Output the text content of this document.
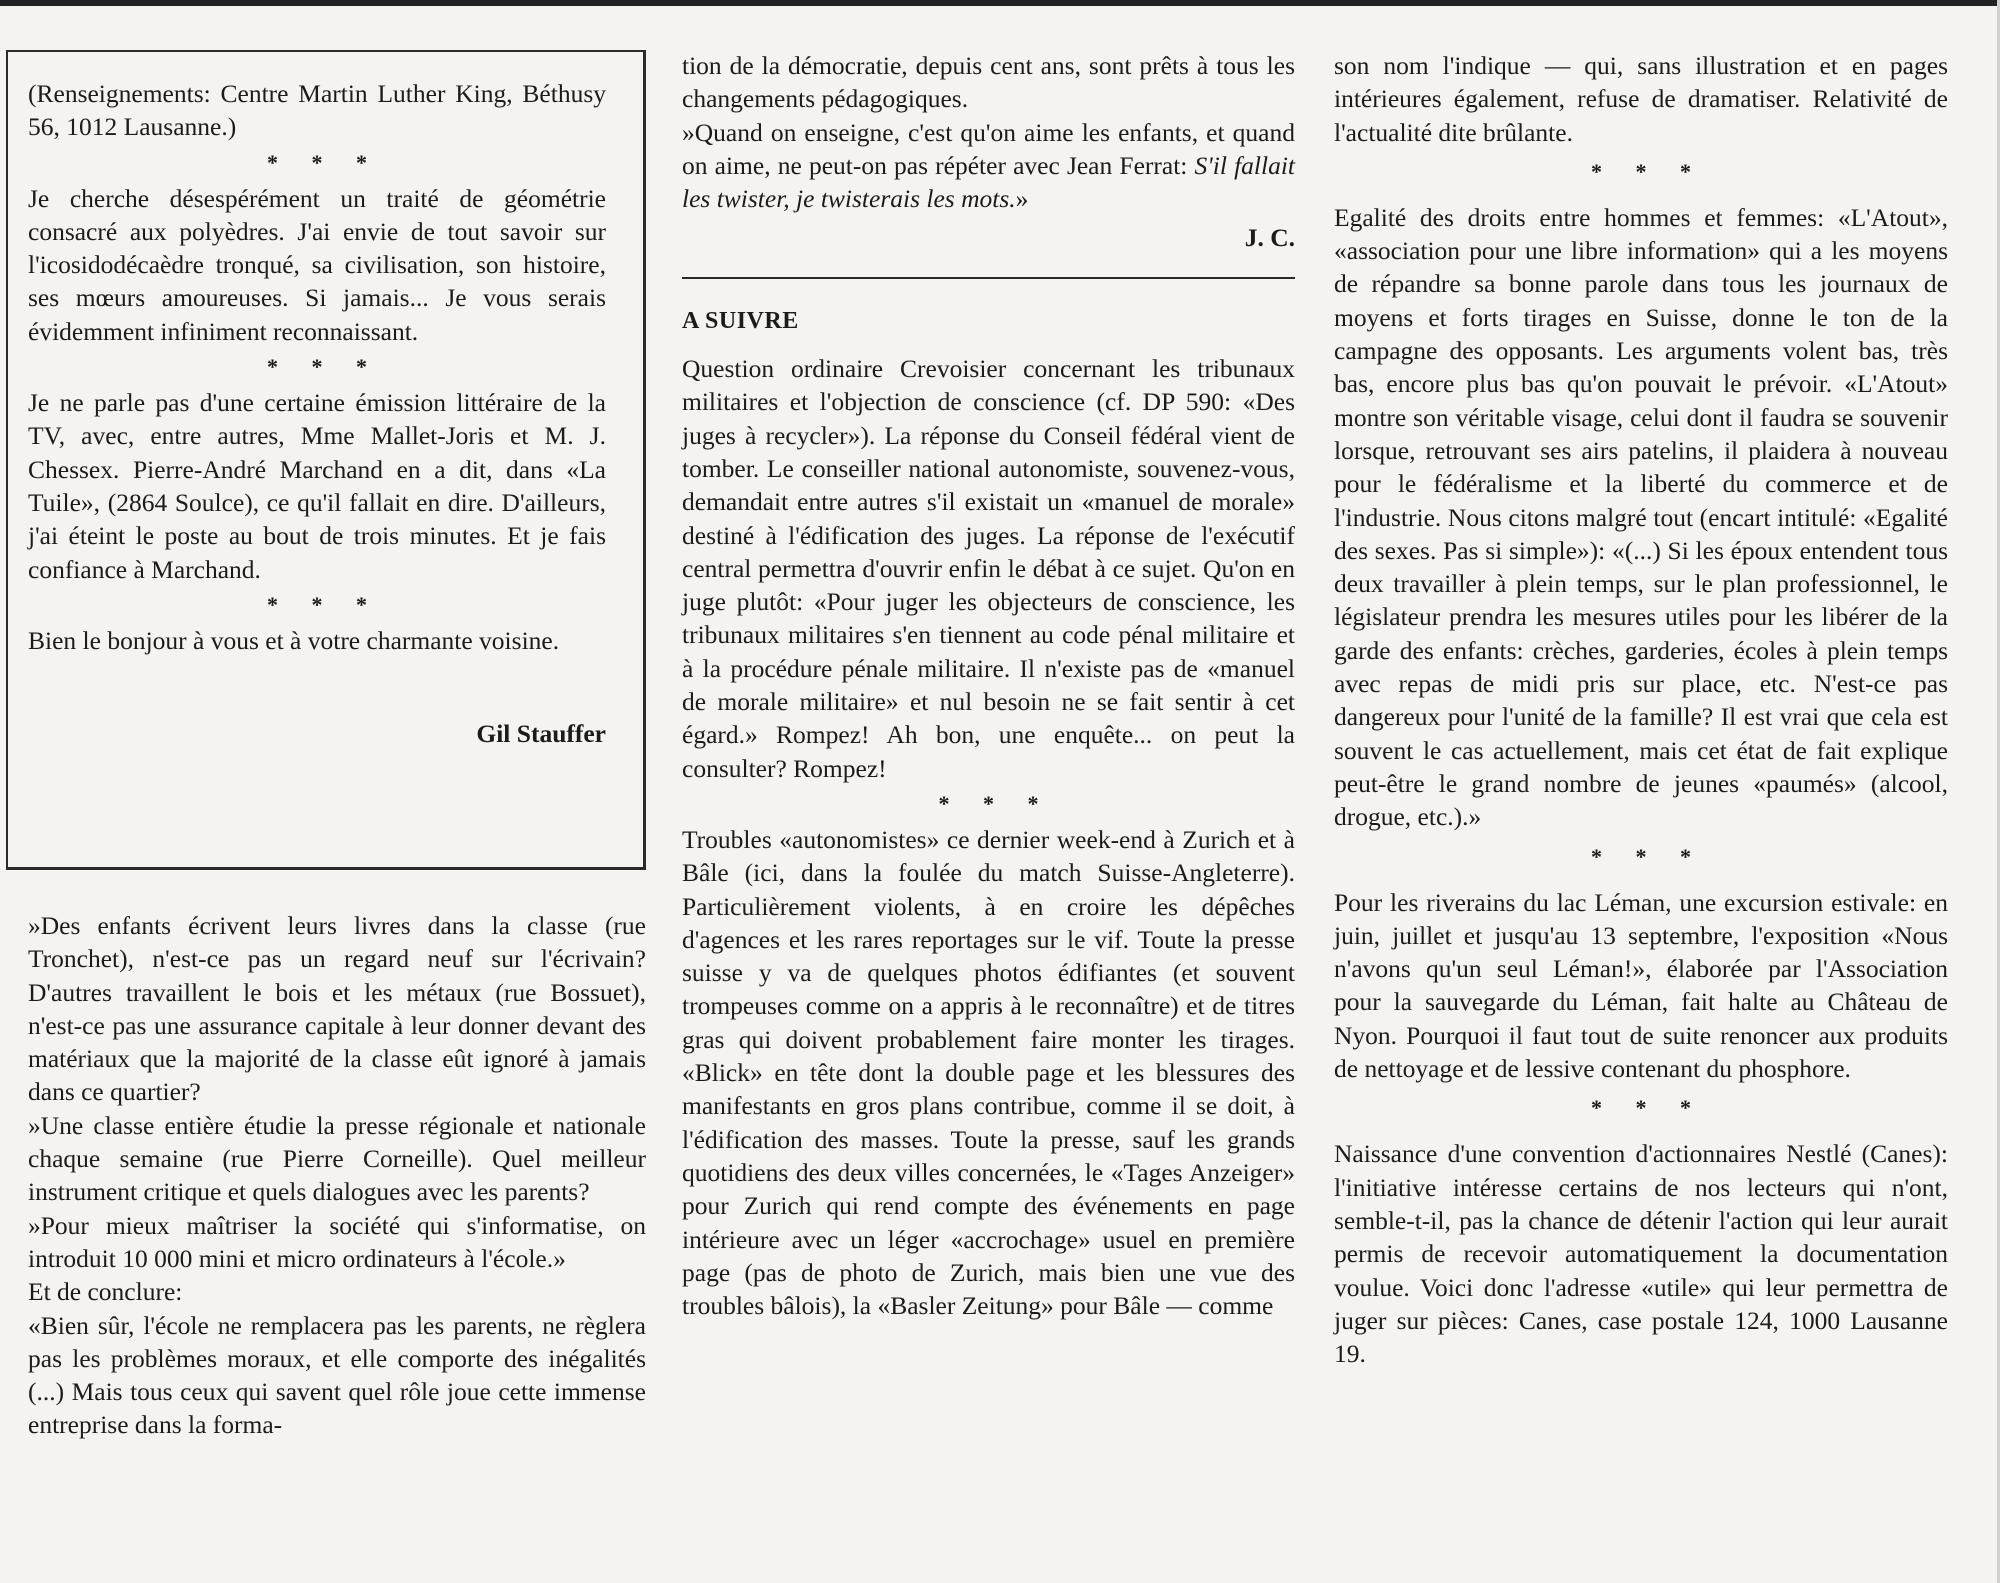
(Renseignements: Centre Martin Luther King, Béthusy 56, 1012 Lausanne.)

* * *

Je cherche désespérément un traité de géométrie consacré aux polyèdres. J'ai envie de tout savoir sur l'icosidodécaèdre tronqué, sa civilisation, son histoire, ses mœurs amoureuses. Si jamais... Je vous serais évidemment infiniment reconnaissant.

* * *

Je ne parle pas d'une certaine émission littéraire de la TV, avec, entre autres, Mme Mallet-Joris et M. J. Chessex. Pierre-André Marchand en a dit, dans «La Tuile», (2864 Soulce), ce qu'il fallait en dire. D'ailleurs, j'ai éteint le poste au bout de trois minutes. Et je fais confiance à Marchand.

* * *

Bien le bonjour à vous et à votre charmante voisine.

Gil Stauffer

»Des enfants écrivent leurs livres dans la classe (rue Tronchet), n'est-ce pas un regard neuf sur l'écrivain? D'autres travaillent le bois et les métaux (rue Bossuet), n'est-ce pas une assurance capitale à leur donner devant des matériaux que la majorité de la classe eût ignoré à jamais dans ce quartier?

»Une classe entière étudie la presse régionale et nationale chaque semaine (rue Pierre Corneille). Quel meilleur instrument critique et quels dialogues avec les parents?

»Pour mieux maîtriser la société qui s'informatise, on introduit 10 000 mini et micro ordinateurs à l'école.»

Et de conclure:

«Bien sûr, l'école ne remplacera pas les parents, ne règlera pas les problèmes moraux, et elle comporte des inégalités (...) Mais tous ceux qui savent quel rôle joue cette immense entreprise dans la forma-

tion de la démocratie, depuis cent ans, sont prêts à tous les changements pédagogiques.

»Quand on enseigne, c'est qu'on aime les enfants, et quand on aime, ne peut-on pas répéter avec Jean Ferrat: S'il fallait les twister, je twisterais les mots.»

J. C.

A SUIVRE

Question ordinaire Crevoisier concernant les tribunaux militaires et l'objection de conscience (cf. DP 590: «Des juges à recycler»). La réponse du Conseil fédéral vient de tomber. Le conseiller national autonomiste, souvenez-vous, demandait entre autres s'il existait un «manuel de morale» destiné à l'édification des juges. La réponse de l'exécutif central permettra d'ouvrir enfin le débat à ce sujet. Qu'on en juge plutôt: «Pour juger les objecteurs de conscience, les tribunaux militaires s'en tiennent au code pénal militaire et à la procédure pénale militaire. Il n'existe pas de «manuel de morale militaire» et nul besoin ne se fait sentir à cet égard.» Rompez! Ah bon, une enquête... on peut la consulter? Rompez!

* * *

Troubles «autonomistes» ce dernier week-end à Zurich et à Bâle (ici, dans la foulée du match Suisse-Angleterre). Particulièrement violents, à en croire les dépêches d'agences et les rares reportages sur le vif. Toute la presse suisse y va de quelques photos édifiantes (et souvent trompeuses comme on a appris à le reconnaître) et de titres gras qui doivent probablement faire monter les tirages. «Blick» en tête dont la double page et les blessures des manifestants en gros plans contribue, comme il se doit, à l'édification des masses. Toute la presse, sauf les grands quotidiens des deux villes concernées, le «Tages Anzeiger» pour Zurich qui rend compte des événements en page intérieure avec un léger «accrochage» usuel en première page (pas de photo de Zurich, mais bien une vue des troubles bâlois), la «Basler Zeitung» pour Bâle — comme

son nom l'indique — qui, sans illustration et en pages intérieures également, refuse de dramatiser. Relativité de l'actualité dite brûlante.

* * *

Egalité des droits entre hommes et femmes: «L'Atout», «association pour une libre information» qui a les moyens de répandre sa bonne parole dans tous les journaux de moyens et forts tirages en Suisse, donne le ton de la campagne des opposants. Les arguments volent bas, très bas, encore plus bas qu'on pouvait le prévoir. «L'Atout» montre son véritable visage, celui dont il faudra se souvenir lorsque, retrouvant ses airs patelins, il plaidera à nouveau pour le fédéralisme et la liberté du commerce et de l'industrie. Nous citons malgré tout (encart intitulé: «Egalité des sexes. Pas si simple»): «(...) Si les époux entendent tous deux travailler à plein temps, sur le plan professionnel, le législateur prendra les mesures utiles pour les libérer de la garde des enfants: crèches, garderies, écoles à plein temps avec repas de midi pris sur place, etc. N'est-ce pas dangereux pour l'unité de la famille? Il est vrai que cela est souvent le cas actuellement, mais cet état de fait explique peut-être le grand nombre de jeunes «paumés» (alcool, drogue, etc.).»

* * *

Pour les riverains du lac Léman, une excursion estivale: en juin, juillet et jusqu'au 13 septembre, l'exposition «Nous n'avons qu'un seul Léman!», élaborée par l'Association pour la sauvegarde du Léman, fait halte au Château de Nyon. Pourquoi il faut tout de suite renoncer aux produits de nettoyage et de lessive contenant du phosphore.

* * *

Naissance d'une convention d'actionnaires Nestlé (Canes): l'initiative intéresse certains de nos lecteurs qui n'ont, semble-t-il, pas la chance de détenir l'action qui leur aurait permis de recevoir automatiquement la documentation voulue. Voici donc l'adresse «utile» qui leur permettra de juger sur pièces: Canes, case postale 124, 1000 Lausanne 19.
